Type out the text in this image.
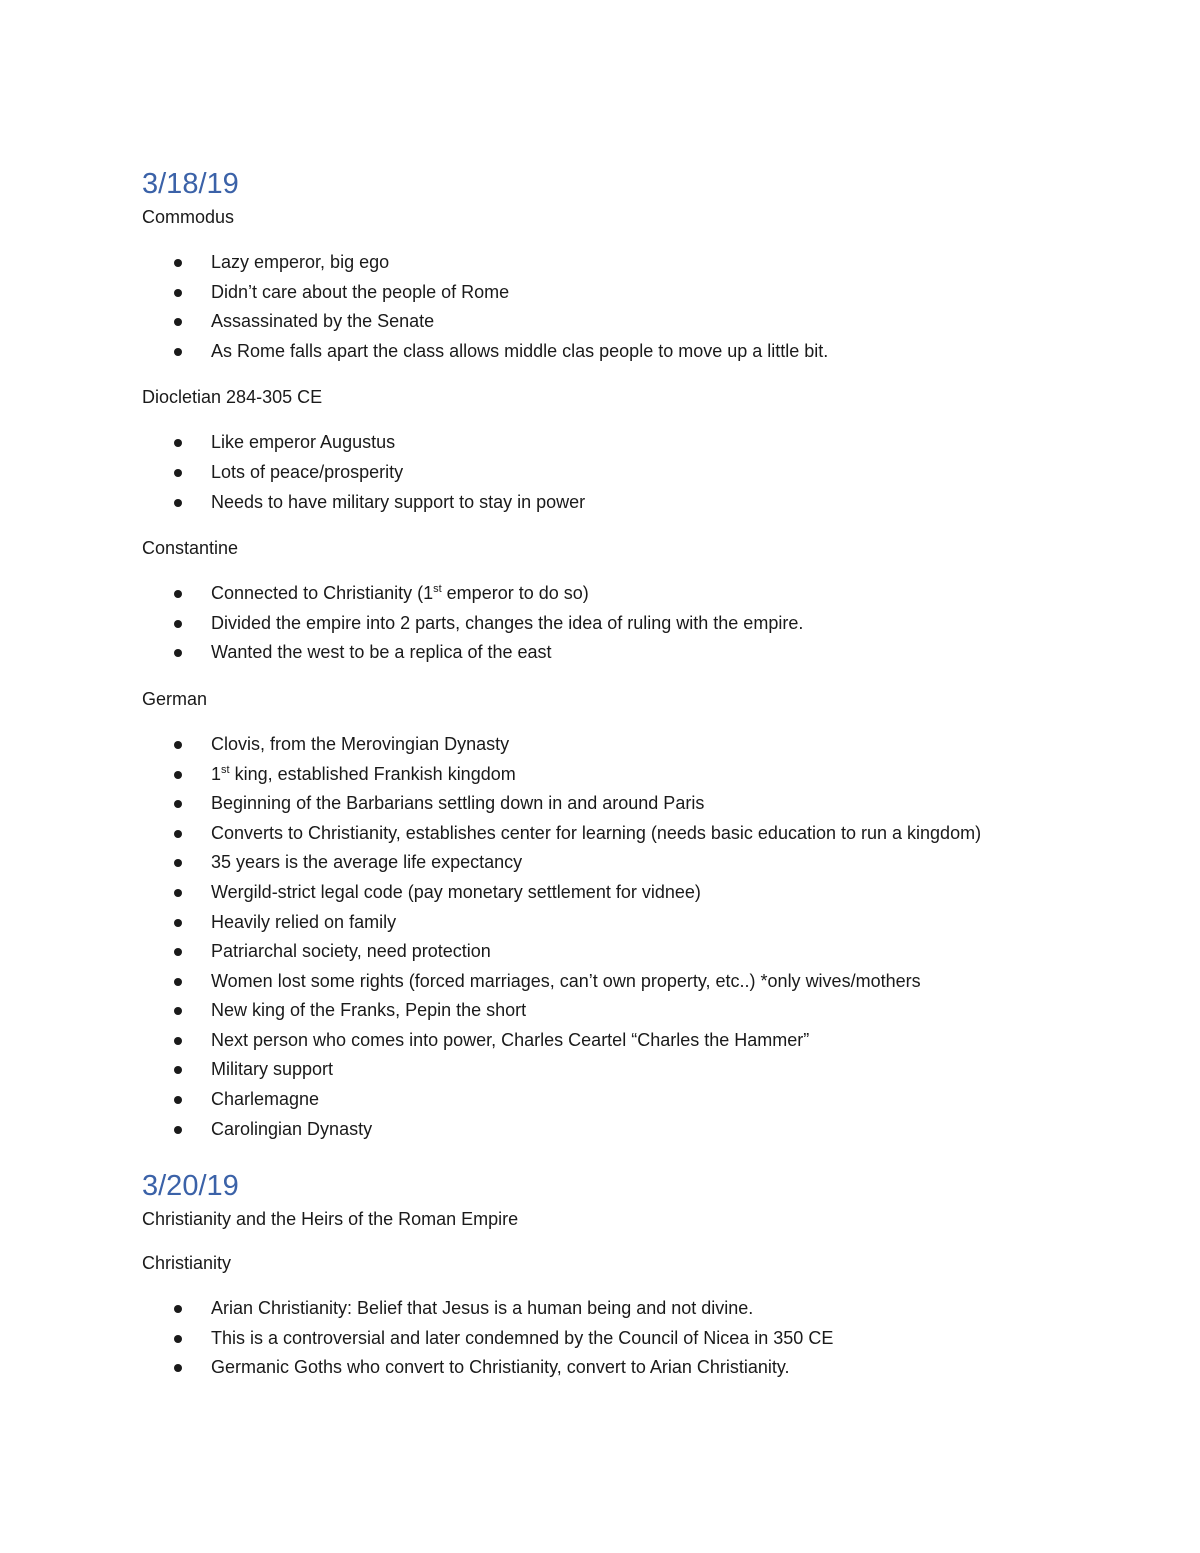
3/18/19
Commodus
Lazy emperor, big ego
Didn’t care about the people of Rome
Assassinated by the Senate
As Rome falls apart the class allows middle clas people to move up a little bit.
Diocletian 284-305 CE
Like emperor Augustus
Lots of peace/prosperity
Needs to have military support to stay in power
Constantine
Connected to Christianity (1st emperor to do so)
Divided the empire into 2 parts, changes the idea of ruling with the empire.
Wanted the west to be a replica of the east
German
Clovis, from the Merovingian Dynasty
1st king, established Frankish kingdom
Beginning of the Barbarians settling down in and around Paris
Converts to Christianity, establishes center for learning (needs basic education to run a kingdom)
35 years is the average life expectancy
Wergild-strict legal code (pay monetary settlement for vidnee)
Heavily relied on family
Patriarchal society, need protection
Women lost some rights (forced marriages, can’t own property, etc..) *only wives/mothers
New king of the Franks, Pepin the short
Next person who comes into power, Charles Ceartel “Charles the Hammer”
Military support
Charlemagne
Carolingian Dynasty
3/20/19
Christianity and the Heirs of the Roman Empire
Christianity
Arian Christianity: Belief that Jesus is a human being and not divine.
This is a controversial and later condemned by the Council of Nicea in 350 CE
Germanic Goths who convert to Christianity, convert to Arian Christianity.
